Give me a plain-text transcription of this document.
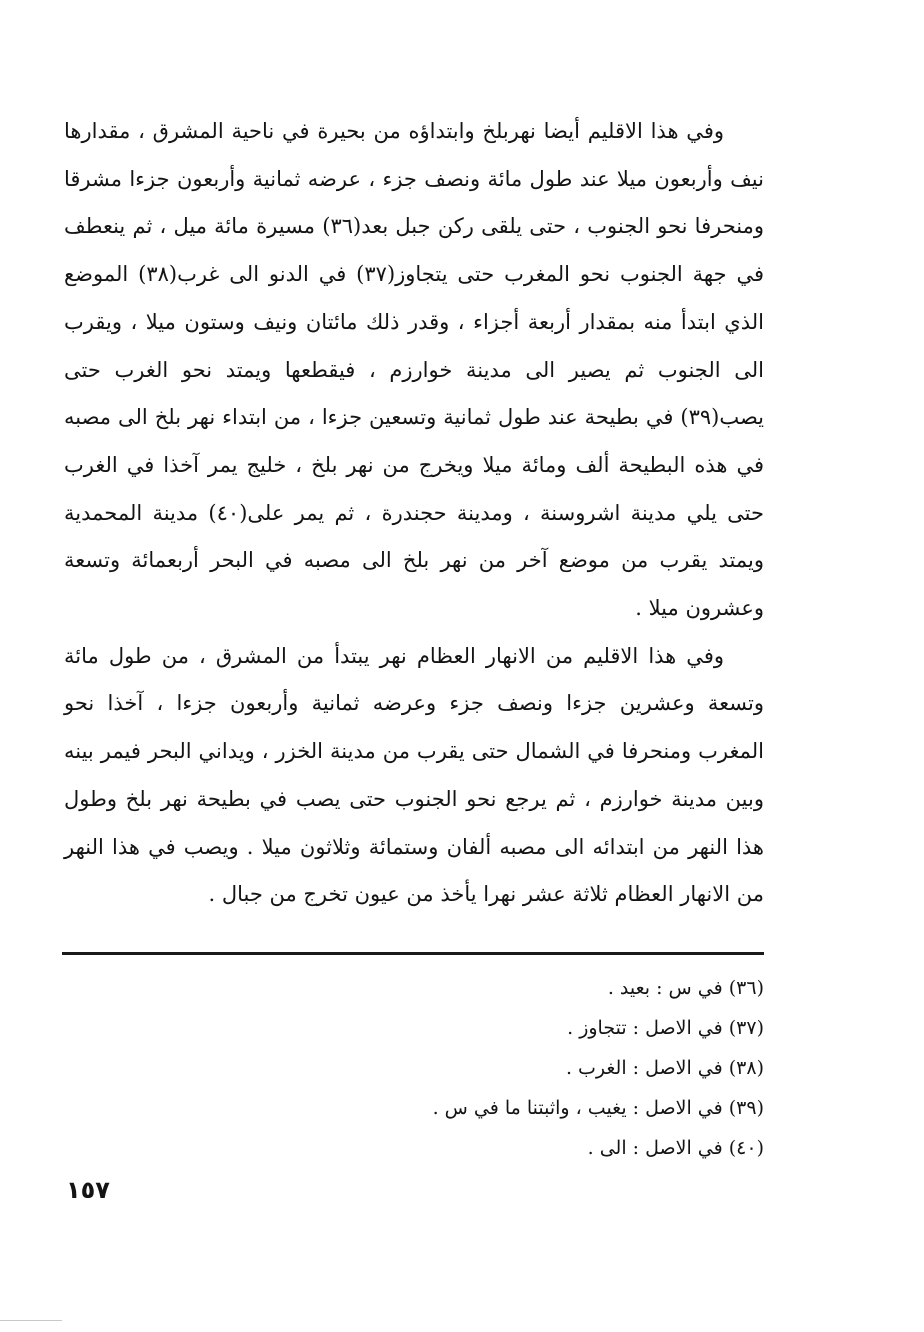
وفي هذا الاقليم أيضا نهربلخ وابتداؤه من بحيرة في ناحية المشرق ، مقدارها نيف وأربعون ميلا عند طول مائة ونصف جزء ، عرضه ثمانية وأربعون جزءا مشرقا ومنحرفا نحو الجنوب ، حتى يلقى ركن جبل بعد(٣٦) مسيرة مائة ميل ، ثم ينعطف في جهة الجنوب نحو المغرب حتى يتجاوز(٣٧) في الدنو الى غرب(٣٨) الموضع الذي ابتدأ منه بمقدار أربعة أجزاء ، وقدر ذلك مائتان ونيف وستون ميلا ، ويقرب الى الجنوب ثم يصير الى مدينة خوارزم ، فيقطعها ويمتد نحو الغرب حتى يصب(٣٩) في بطيحة عند طول ثمانية وتسعين جزءا ، من ابتداء نهر بلخ الى مصبه في هذه البطيحة ألف ومائة ميلا ويخرج من نهر بلخ ، خليج يمر آخذا في الغرب حتى يلي مدينة اشروسنة ، ومدينة حجندرة ، ثم يمر على(٤٠) مدينة المحمدية ويمتد يقرب من موضع آخر من نهر بلخ الى مصبه في البحر أربعمائة وتسعة وعشرون ميلا .

وفي هذا الاقليم من الانهار العظام نهر يبتدأ من المشرق ، من طول مائة وتسعة وعشرين جزءا ونصف جزء وعرضه ثمانية وأربعون جزءا ، آخذا نحو المغرب ومنحرفا في الشمال حتى يقرب من مدينة الخزر ، ويداني البحر فيمر بينه وبين مدينة خوارزم ، ثم يرجع نحو الجنوب حتى يصب في بطيحة نهر بلخ وطول هذا النهر من ابتدائه الى مصبه ألفان وستمائة وثلاثون ميلا . ويصب في هذا النهر من الانهار العظام ثلاثة عشر نهرا يأخذ من عيون تخرج من جبال .

(٣٦) في س : بعيد .
(٣٧) في الاصل : تتجاوز .
(٣٨) في الاصل : الغرب .
(٣٩) في الاصل : يغيب ، واثبتنا ما في س .
(٤٠) في الاصل : الى .
١٥٧
